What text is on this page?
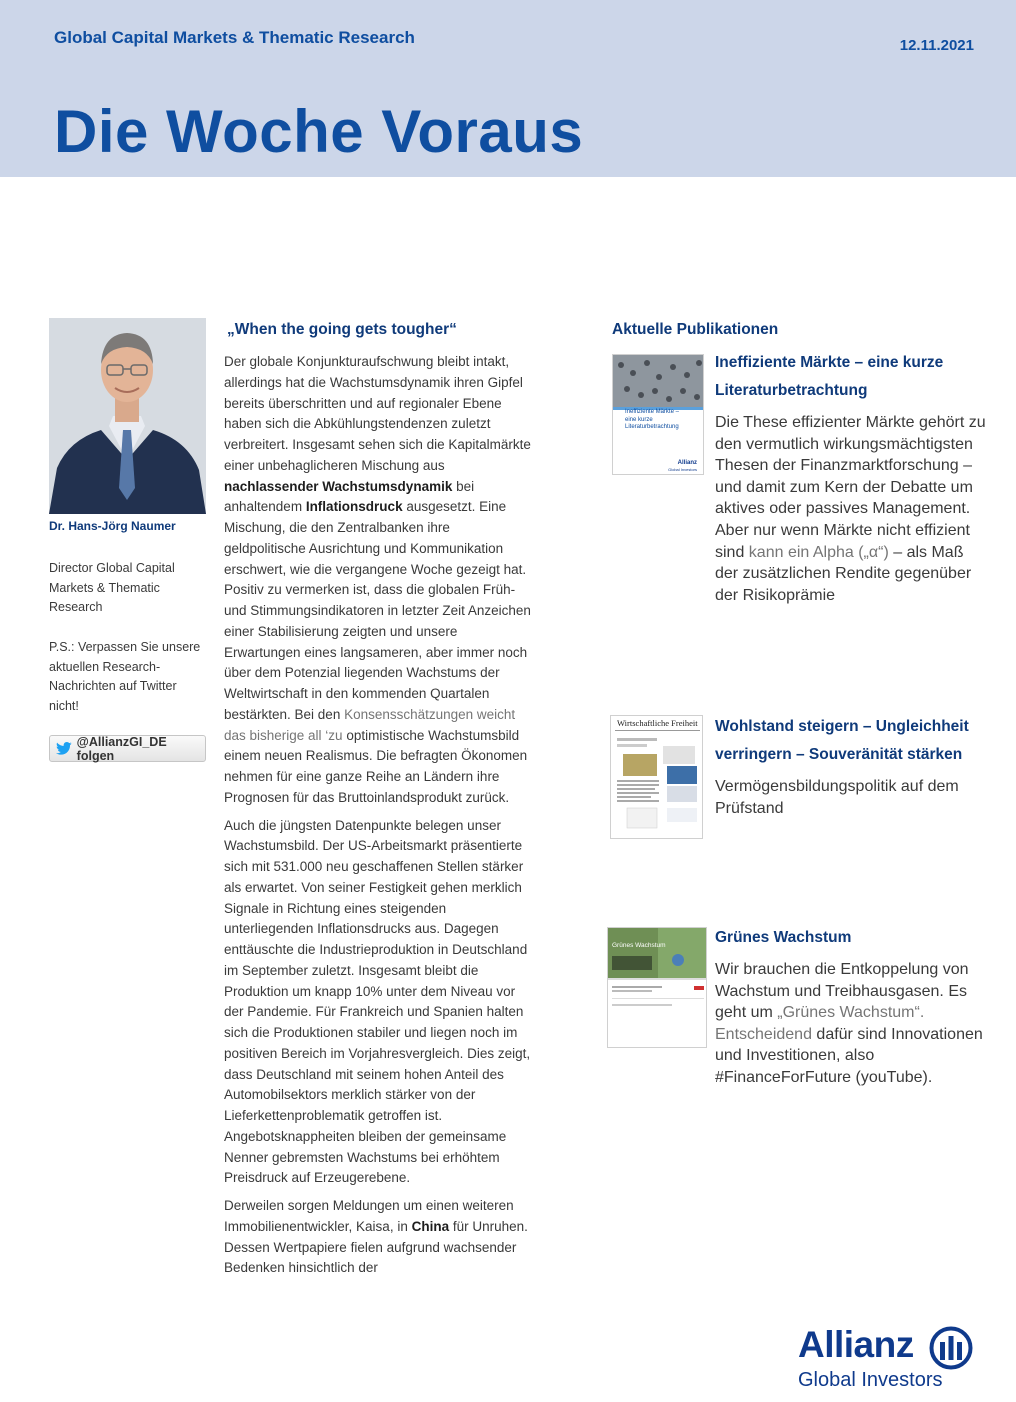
Global Capital Markets & Thematic Research	12.11.2021
Die Woche Voraus
Dr. Hans-Jörg Naumer
Director Global Capital Markets & Thematic Research
P.S.: Verpassen Sie unsere aktuellen Research-Nachrichten auf Twitter nicht!
@AllianzGI_DE folgen
„When the going gets tougher“

Der globale Konjunkturaufschwung bleibt intakt, allerdings hat die Wachstumsdynamik ihren Gipfel bereits überschritten und auf regionaler Ebene haben sich die Abkühlungstendenzen zuletzt verbreitert. Insgesamt sehen sich die Kapitalmärkte einer unbehaglicheren Mischung aus nachlassender Wachstumsdynamik bei anhaltendem Inflationsdruck ausgesetzt. Eine Mischung, die den Zentralbanken ihre geldpolitische Ausrichtung und Kommunikation erschwert, wie die vergangene Woche gezeigt hat. Positiv zu vermerken ist, dass die globalen Früh- und Stimmungsindikatoren in letzter Zeit Anzeichen einer Stabilisierung zeigten und unsere Erwartungen eines langsameren, aber immer noch über dem Potenzial liegenden Wachstums der Weltwirtschaft in den kommenden Quartalen bestärkten. Bei den Konsensschätzungen weicht das bisherige all ‘zu optimistische Wachstumsbild einem neuen Realismus. Die befragten Ökonomen nehmen für eine ganze Reihe an Ländern ihre Prognosen für das Bruttoinlandsprodukt zurück.

Auch die jüngsten Datenpunkte belegen unser Wachstumsbild. Der US-Arbeitsmarkt präsentierte sich mit 531.000 neu geschaffenen Stellen stärker als erwartet. Von seiner Festigkeit gehen merklich Signale in Richtung eines steigenden unterliegenden Inflationsdrucks aus. Dagegen enttäuschte die Industrieproduktion in Deutschland im September zuletzt. Insgesamt bleibt die Produktion um knapp 10% unter dem Niveau vor der Pandemie. Für Frankreich und Spanien halten sich die Produktionen stabiler und liegen noch im positiven Bereich im Vorjahresvergleich. Dies zeigt, dass Deutschland mit seinem hohen Anteil des Automobilsektors merklich stärker von der Lieferkettenproblematik getroffen ist. Angebotsknappheiten bleiben der gemeinsame Nenner gebremsten Wachstums bei erhöhtem Preisdruck auf Erzeugerebene.

Derweilen sorgen Meldungen um einen weiteren Immobilienentwickler, Kaisa, in China für Unruhen. Dessen Wertpapiere fielen aufgrund wachsender Bedenken hinsichtlich der

Aktuelle Publikationen
Ineffiziente Märkte – eine kurze Literaturbetrachtung
Allianz
Global Investors
Ineffiziente Märkte – eine kurze Literaturbetrachtung
Die These effizienter Märkte gehört zu den vermutlich wirkungsmächtigsten Thesen der Finanzmarktforschung – und damit zum Kern der Debatte um aktives oder passives Management. Aber nur wenn Märkte nicht effizient sind kann ein Alpha („α“) – als Maß der zusätzlichen Rendite gegenüber der Risikoprämie
Wirtschaftliche Freiheit Wohlstand steigern – Ungleichheit verringern – Souveränität stärken
Vermögensbildungspolitik auf dem Prüfstand
Grünes Wachstum	Grünes Wachstum
Wir brauchen die Entkoppelung von Wachstum und Treibhausgasen. Es geht um „Grünes Wachstum“. Entscheidend dafür sind Innovationen und Investitionen, also #FinanceForFuture (youTube).
Allianz
Global Investors
